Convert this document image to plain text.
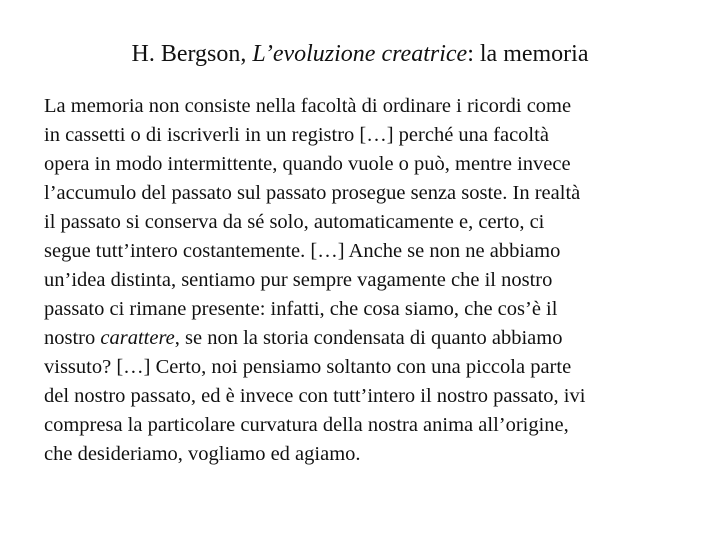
H. Bergson, L’evoluzione creatrice: la memoria
La memoria non consiste nella facoltà di ordinare i ricordi come
in cassetti o di iscriverli in un registro […] perché una facoltà
opera in modo intermittente, quando vuole o può, mentre invece
l’accumulo del passato sul passato prosegue senza soste. In realtà
il passato si conserva da sé solo, automaticamente e, certo, ci
segue tutt’intero costantemente. […] Anche se non ne abbiamo
un’idea distinta, sentiamo pur sempre vagamente che il nostro
passato ci rimane presente: infatti, che cosa siamo, che cos’è il
nostro carattere, se non la storia condensata di quanto abbiamo
vissuto? […] Certo, noi pensiamo soltanto con una piccola parte
del nostro passato, ed è invece con tutt’intero il nostro passato, ivi
compresa la particolare curvatura della nostra anima all’origine,
che desideriamo, vogliamo ed agiamo.
